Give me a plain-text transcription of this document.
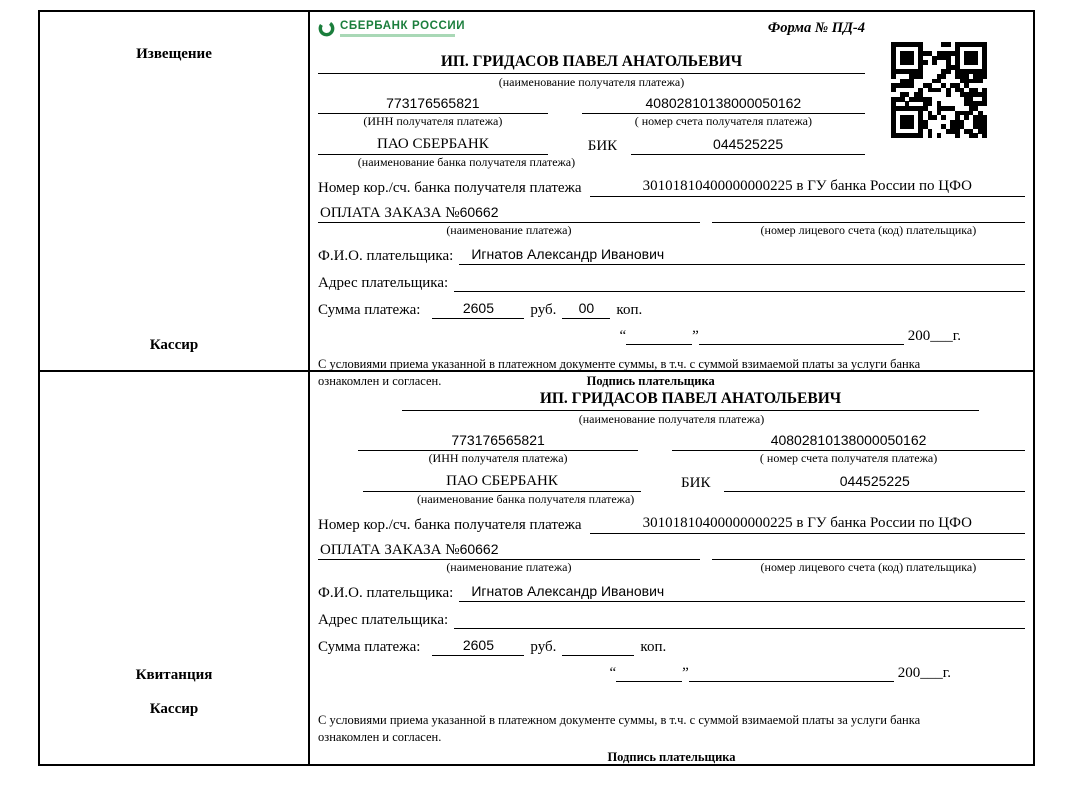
Извещение
Кассир
СБЕРБАНК РОССИИ	Форма № ПД-4
ИП. ГРИДАСОВ ПАВЕЛ АНАТОЛЬЕВИЧ
(наименование получателя платежа)
773176565821	40802810138000050162
(ИНН получателя платежа)	( номер счета получателя платежа)
ПАО СБЕРБАНК	БИК	044525225
(наименование банка получателя платежа)
Номер кор./сч. банка получателя платежа	30101810400000000225 в ГУ банка России по ЦФО
ОПЛАТА ЗАКАЗА №60662
(наименование платежа)	(номер лицевого счета (код) плательщика)
Ф.И.О. плательщика:	Игнатов Александр Иванович
Адрес плательщика:
Сумма платежа:	2605	руб.	00	коп.
“	”	200___г.
С условиями приема указанной в платежном документе суммы, в т.ч. с суммой взимаемой платы за услуги банка ознакомлен и согласен.	Подпись плательщика
Квитанция
Кассир
ИП. ГРИДАСОВ ПАВЕЛ АНАТОЛЬЕВИЧ
(наименование получателя платежа)
773176565821	40802810138000050162
(ИНН получателя платежа)	( номер счета получателя платежа)
ПАО СБЕРБАНК	БИК	044525225
(наименование банка получателя платежа)
Номер кор./сч. банка получателя платежа	30101810400000000225 в ГУ банка России по ЦФО
ОПЛАТА ЗАКАЗА №60662
(наименование платежа)	(номер лицевого счета (код) плательщика)
Ф.И.О. плательщика:	Игнатов Александр Иванович
Адрес плательщика:
Сумма платежа:	2605	руб.	коп.
“	”	200___г.
С условиями приема указанной в платежном документе суммы, в т.ч. с суммой взимаемой платы за услуги банка ознакомлен и согласен.
Подпись плательщика
